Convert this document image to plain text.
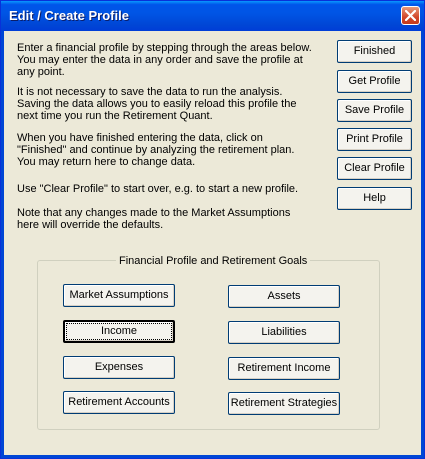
Edit / Create Profile
Enter a financial profile by stepping through the areas below.
You may enter the data in any order and save the profile at
any point.
It is not necessary to save the data to run the analysis.
Saving the data allows you to easily reload this profile the
next time you run the Retirement Quant.
When you have finished entering the data, click on
"Finished" and continue by analyzing the retirement plan.
You may return here to change data.
Use "Clear Profile" to start over, e.g. to start a new profile.
Note that any changes made to the Market Assumptions
here will override the defaults.
Finished
Get Profile
Save Profile
Print Profile
Clear Profile
Help
Financial Profile and Retirement Goals
Market Assumptions	Assets
Income	Liabilities
Expenses	Retirement Income
Retirement Accounts	Retirement Strategies
